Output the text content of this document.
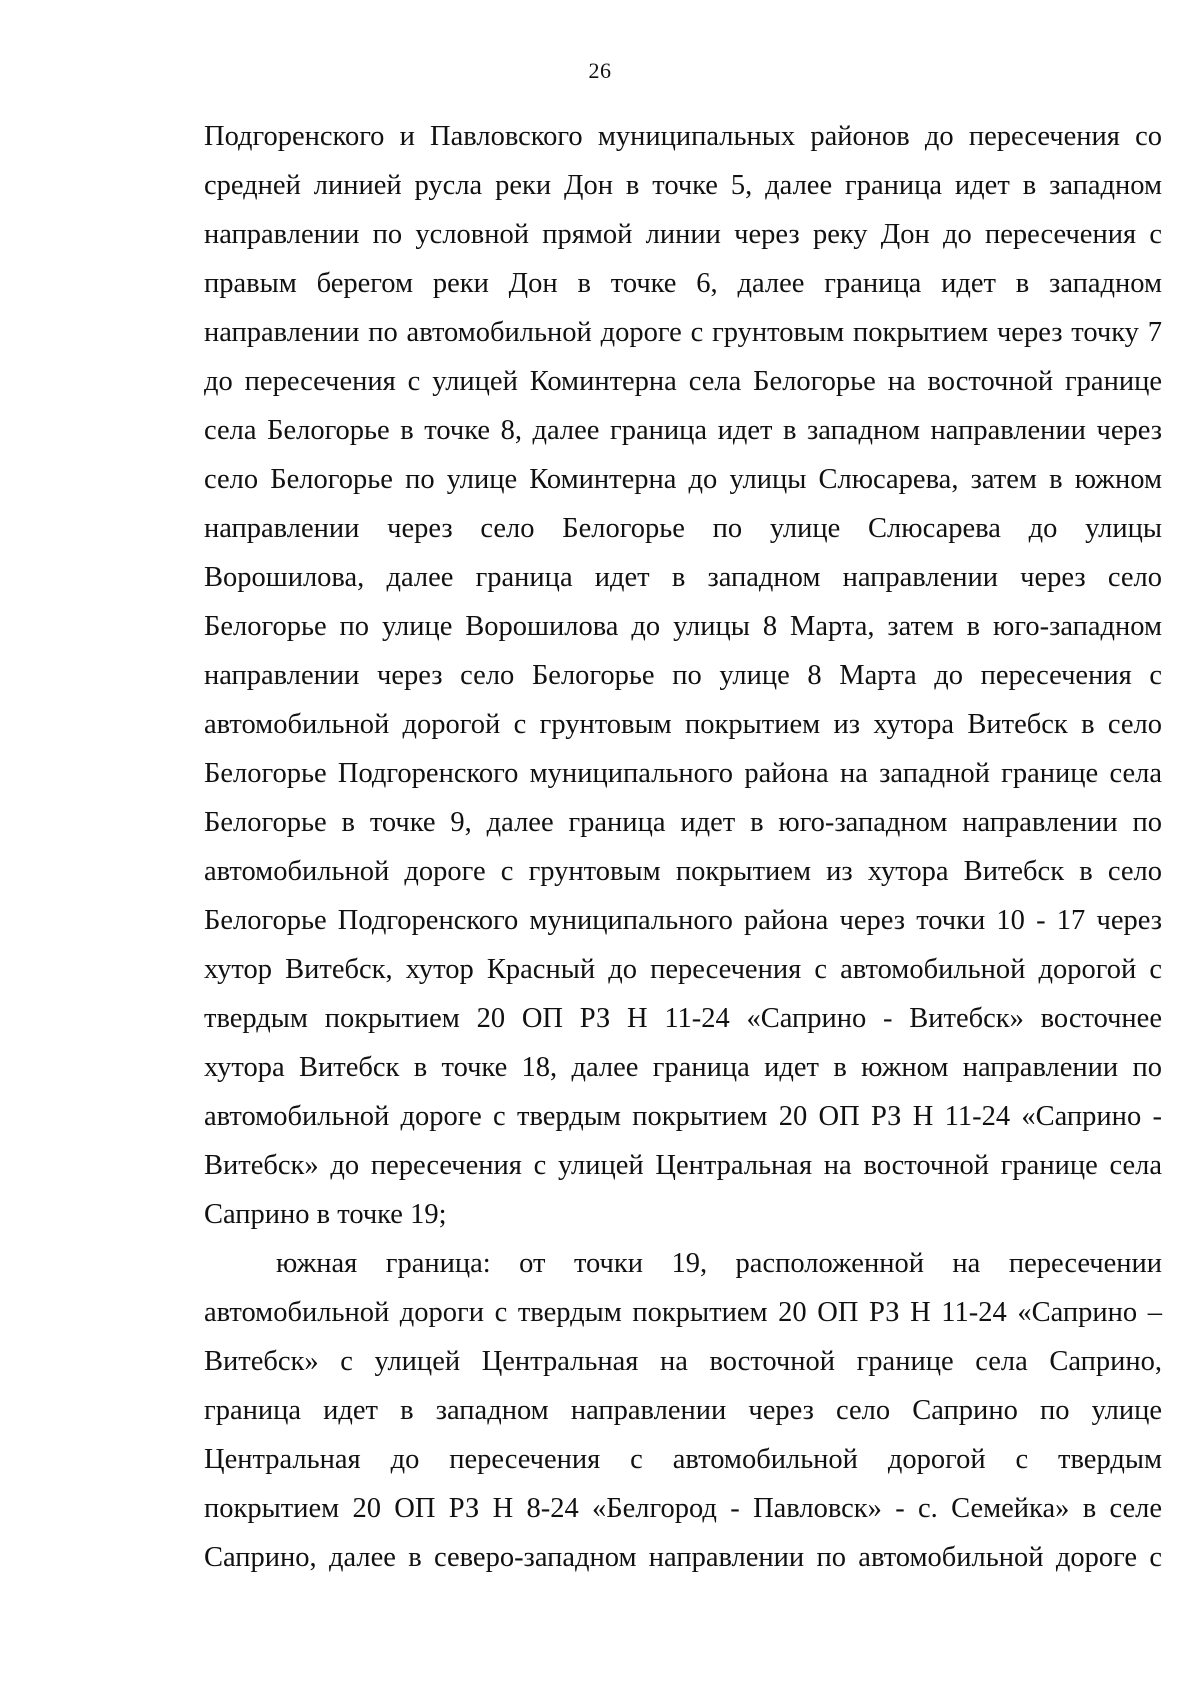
26
Подгоренского и Павловского муниципальных районов до пересечения со
средней линией русла реки Дон в точке 5, далее граница идет в западном
направлении по условной прямой линии через реку Дон до пересечения с
правым берегом реки Дон в точке 6, далее граница идет в западном
направлении по автомобильной дороге с грунтовым покрытием через точку 7
до пересечения с улицей Коминтерна села Белогорье на восточной границе
села Белогорье в точке 8, далее граница идет в западном направлении через
село Белогорье по улице Коминтерна до улицы Слюсарева, затем в южном
направлении через село Белогорье по улице Слюсарева до улицы
Ворошилова, далее граница идет в западном направлении через село
Белогорье по улице Ворошилова до улицы 8 Марта, затем в юго-западном
направлении через село Белогорье по улице 8 Марта до пересечения с
автомобильной дорогой с грунтовым покрытием из хутора Витебск в село
Белогорье Подгоренского муниципального района на западной границе села
Белогорье в точке 9, далее граница идет в юго-западном направлении по
автомобильной дороге с грунтовым покрытием из хутора Витебск в село
Белогорье Подгоренского муниципального района через точки 10 - 17 через
хутор Витебск, хутор Красный до пересечения с автомобильной дорогой с
твердым покрытием 20 ОП РЗ Н 11-24 «Саприно - Витебск» восточнее
хутора Витебск в точке 18, далее граница идет в южном направлении по
автомобильной дороге с твердым покрытием 20 ОП РЗ Н 11-24 «Саприно -
Витебск» до пересечения с улицей Центральная на восточной границе села
Саприно в точке 19;
южная граница: от точки 19, расположенной на пересечении
автомобильной дороги с твердым покрытием 20 ОП РЗ Н 11-24 «Саприно –
Витебск» с улицей Центральная на восточной границе села Саприно,
граница идет в западном направлении через село Саприно по улице
Центральная до пересечения с автомобильной дорогой с твердым
покрытием 20 ОП РЗ Н 8-24 «Белгород - Павловск» - с. Семейка» в селе
Саприно, далее в северо-западном направлении по автомобильной дороге с
